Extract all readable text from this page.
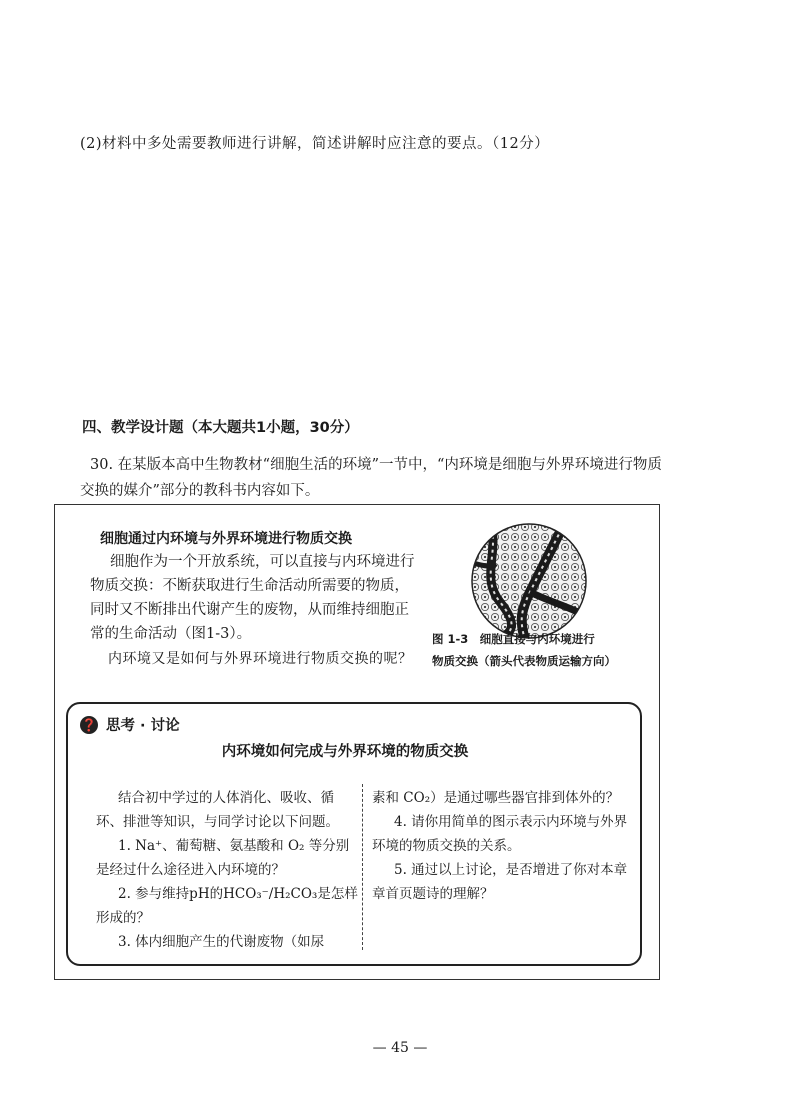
(2)材料中多处需要教师进行讲解，简述讲解时应注意的要点。（12分）
四、教学设计题（本大题共1小题，30分）
30. 在某版本高中生物教材“细胞生活的环境”一节中，“内环境是细胞与外界环境进行物质交换的媒介”部分的教科书内容如下。
细胞通过内环境与外界环境进行物质交换
细胞作为一个开放系统，可以直接与内环境进行物质交换：不断获取进行生命活动所需要的物质，同时又不断排出代谢产生的废物，从而维持细胞正常的生命活动（图1-3）。
内环境又是如何与外界环境进行物质交换的呢？
图 1-3　细胞直接与内环境进行
物质交换（箭头代表物质运输方向）
❓ 思考 · 讨论
内环境如何完成与外界环境的物质交换

结合初中学过的人体消化、吸收、循环、排泄等知识，与同学讨论以下问题。

1. Na⁺、葡萄糖、氨基酸和 O₂ 等分别是经过什么途径进入内环境的？

2. 参与维持pH的HCO₃⁻/H₂CO₃是怎样形成的？

3. 体内细胞产生的代谢废物（如尿

素和 CO₂）是通过哪些器官排到体外的？

4. 请你用简单的图示表示内环境与外界环境的物质交换的关系。

5. 通过以上讨论，是否增进了你对本章章首页题诗的理解？

— 45 —
